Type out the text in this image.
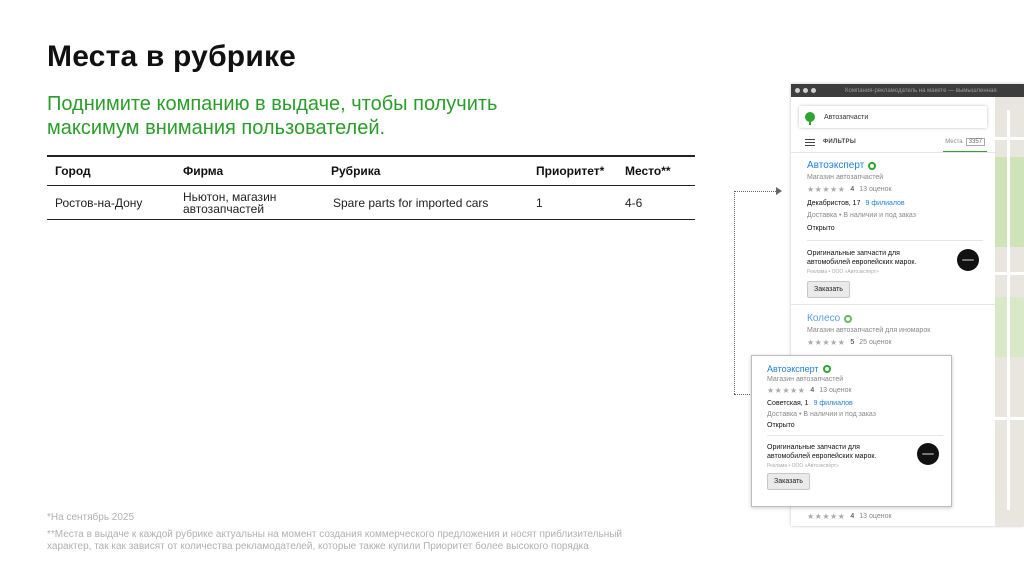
Места в рубрике
Поднимите компанию в выдаче, чтобы получить максимум внимания пользователей.
Город	Фирма	Рубрика	Приоритет*	Место**
Ростов-на-Дону	Ньютон, магазин автозапчастей	Spare parts for imported cars	1	4-6
*На сентябрь 2025
**Места в выдаче к каждой рубрике актуальны на момент создания коммерческого предложения и носят приблизительный характер, так как зависят от количества рекламодателей, которые также купили Приоритет более высокого порядка
Компания-рекламодатель на макете — вымышленная
Автозапчасти
ФИЛЬТРЫ	Места	3357
Автоэксперт
Магазин автозапчастей
★★★★★ 4 13 оценок
Декабристов, 17 9 филиалов
Доставка • В наличии и под заказ
Открыто
Оригинальные запчасти для автомобилей европейских марок.
Реклама • ООО «Автоэксперт»
Заказать
Колесо
Магазин автозапчастей для иномарок
★★★★★ 5 25 оценок
★★★★★ 4 13 оценок
Автоэксперт
Магазин автозапчастей
★★★★★ 4 13 оценок
Советская, 1 9 филиалов
Доставка • В наличии и под заказ
Открыто
Оригинальные запчасти для автомобилей европейских марок.
Реклама • ООО «Автоэксперт»
Заказать
